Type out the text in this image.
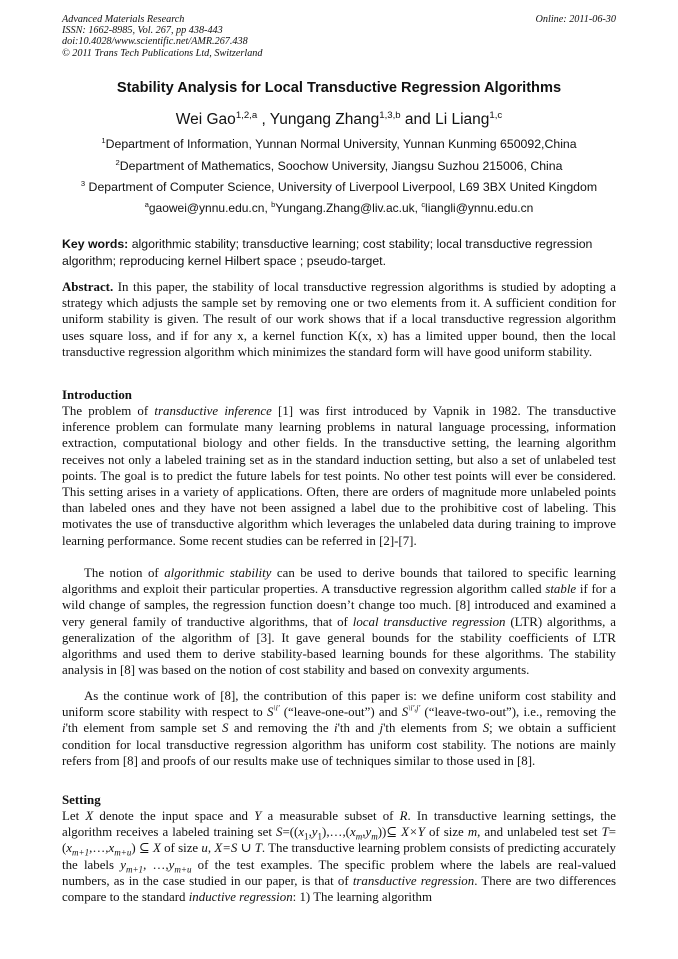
Advanced Materials Research
ISSN: 1662-8985, Vol. 267, pp 438-443
doi:10.4028/www.scientific.net/AMR.267.438
© 2011 Trans Tech Publications Ltd, Switzerland
Online: 2011-06-30
Stability Analysis for Local Transductive Regression Algorithms
Wei Gao$^{1,2,a}$ , Yungang Zhang$^{1,3,b}$ and Li Liang$^{1,c}$
$^1$Department of Information, Yunnan Normal University, Yunnan Kunming 650092,China
$^2$Department of Mathematics, Soochow University, Jiangsu Suzhou 215006, China
$^3$ Department of Computer Science, University of Liverpool Liverpool, L69 3BX United Kingdom
$^a$gaowei@ynnu.edu.cn, $^b$Yungang.Zhang@liv.ac.uk, $^c$liangli@ynnu.edu.cn
Key words: algorithmic stability; transductive learning; cost stability; local transductive regression algorithm; reproducing kernel Hilbert space ; pseudo-target.
Abstract. In this paper, the stability of local transductive regression algorithms is studied by adopting a strategy which adjusts the sample set by removing one or two elements from it. A sufficient condition for uniform stability is given. The result of our work shows that if a local transductive regression algorithm uses square loss, and if for any x, a kernel function K(x, x) has a limited upper bound, then the local transductive regression algorithm which minimizes the standard form will have good uniform stability.
Introduction
The problem of transductive inference [1] was first introduced by Vapnik in 1982. The transductive inference problem can formulate many learning problems in natural language processing, information extraction, computational biology and other fields. In the transductive setting, the learning algorithm receives not only a labeled training set as in the standard induction setting, but also a set of unlabeled test points. The goal is to predict the future labels for test points. No other test points will ever be considered. This setting arises in a variety of applications. Often, there are orders of magnitude more unlabeled points than labeled ones and they have not been assigned a label due to the prohibitive cost of labeling. This motivates the use of transductive algorithm which leverages the unlabeled data during training to improve learning performance. Some recent studies can be referred in [2]-[7].
The notion of algorithmic stability can be used to derive bounds that tailored to specific learning algorithms and exploit their particular properties. A transductive regression algorithm called stable if for a wild change of samples, the regression function doesn’t change too much. [8] introduced and examined a very general family of tranductive algorithms, that of local transductive regression (LTR) algorithms, a generalization of the algorithm of [3]. It gave general bounds for the stability coefficients of LTR algorithms and used them to derive stability-based learning bounds for these algorithms. The stability analysis in [8] was based on the notion of cost stability and based on convexity arguments.
As the continue work of [8], the contribution of this paper is: we define uniform cost stability and uniform score stability with respect to $S^{\backslash i'}$ (“leave-one-out”) and $S^{\backslash i',j'}$ (“leave-two-out”), i.e., removing the i'th element from sample set S and removing the i'th and j'th elements from S; we obtain a sufficient condition for local transductive regression algorithm has uniform cost stability. The notions are mainly refers from [8] and proofs of our results make use of techniques similar to those used in [8].
Setting
Let X denote the input space and Y a measurable subset of R. In transductive learning settings, the algorithm receives a labeled training set $S=((x_1,y_1),\dots,(x_m,y_m))⊆$ X×Y of size m, and unlabeled test set $T=(x_{m+1},\dots,x_{m+u})$ ⊆ X of size u, X=S ∪ T. The transductive learning problem consists of predicting accurately the labels $y_{m+1}$, $\dots,y_{m+u}$ of the test examples. The specific problem where the labels are real-valued numbers, as in the case studied in our paper, is that of transductive regression. There are two differences compare to the standard inductive regression: 1) The learning algorithm
